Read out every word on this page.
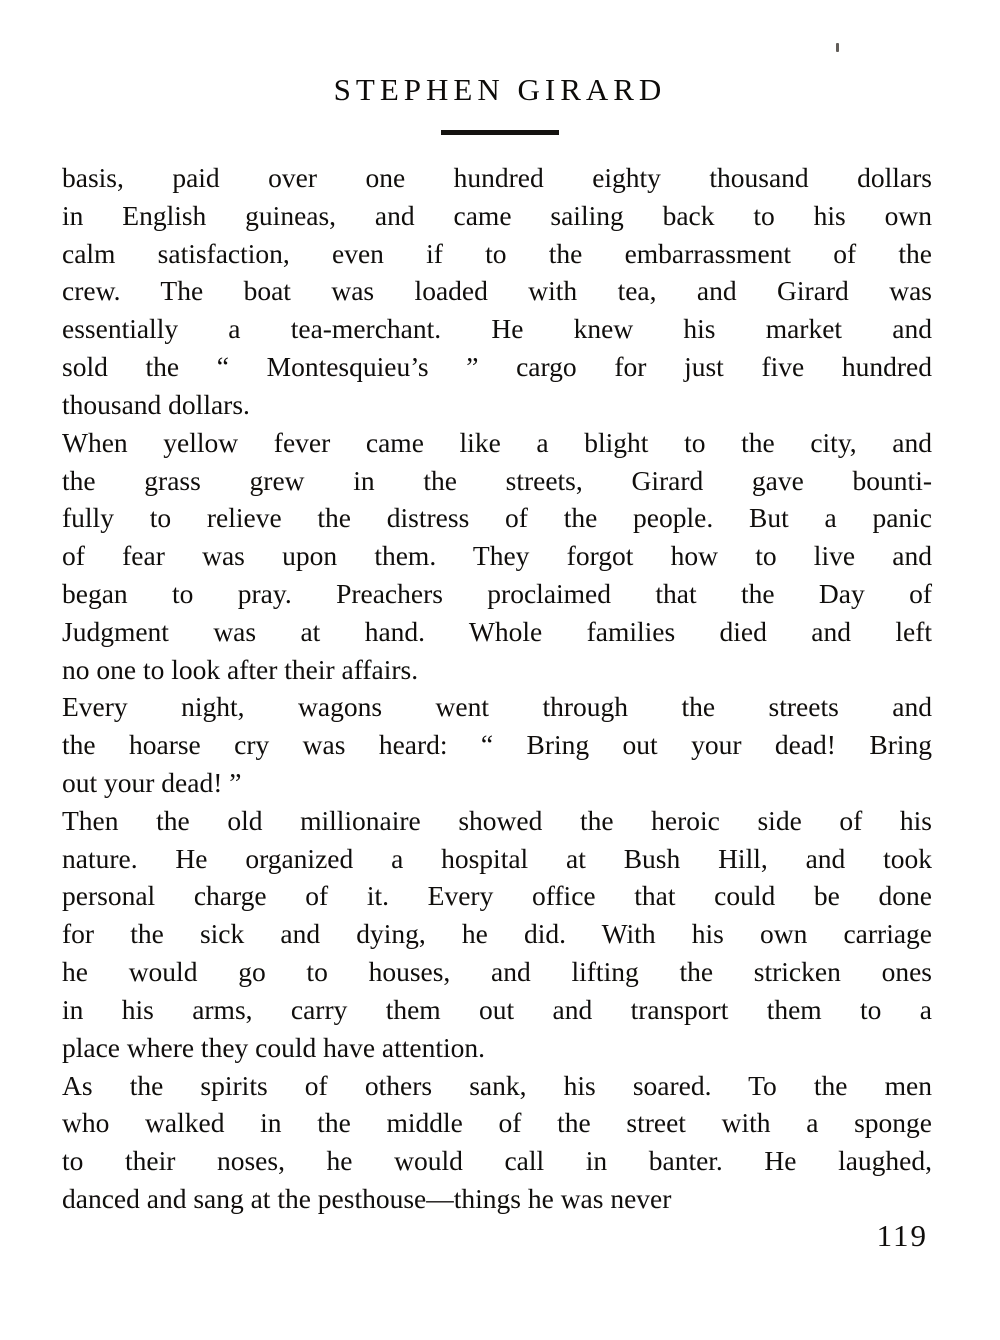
STEPHEN GIRARD

basis, paid over one hundred eighty thousand dollars
in English guineas, and came sailing back to his own
calm satisfaction, even if to the embarrassment of the
crew. The boat was loaded with tea, and Girard was
essentially a tea-merchant. He knew his market and
sold the “ Montesquieu’s ” cargo for just five hundred
thousand dollars.

When yellow fever came like a blight to the city, and
the grass grew in the streets, Girard gave bounti-
fully to relieve the distress of the people. But a panic
of fear was upon them. They forgot how to live and
began to pray. Preachers proclaimed that the Day of
Judgment was at hand. Whole families died and left
no one to look after their affairs.

Every night, wagons went through the streets and
the hoarse cry was heard: “ Bring out your dead! Bring
out your dead! ”

Then the old millionaire showed the heroic side of his
nature. He organized a hospital at Bush Hill, and took
personal charge of it. Every office that could be done
for the sick and dying, he did. With his own carriage
he would go to houses, and lifting the stricken ones
in his arms, carry them out and transport them to a
place where they could have attention.

As the spirits of others sank, his soared. To the men
who walked in the middle of the street with a sponge
to their noses, he would call in banter. He laughed,
danced and sang at the pesthouse—things he was never

119
